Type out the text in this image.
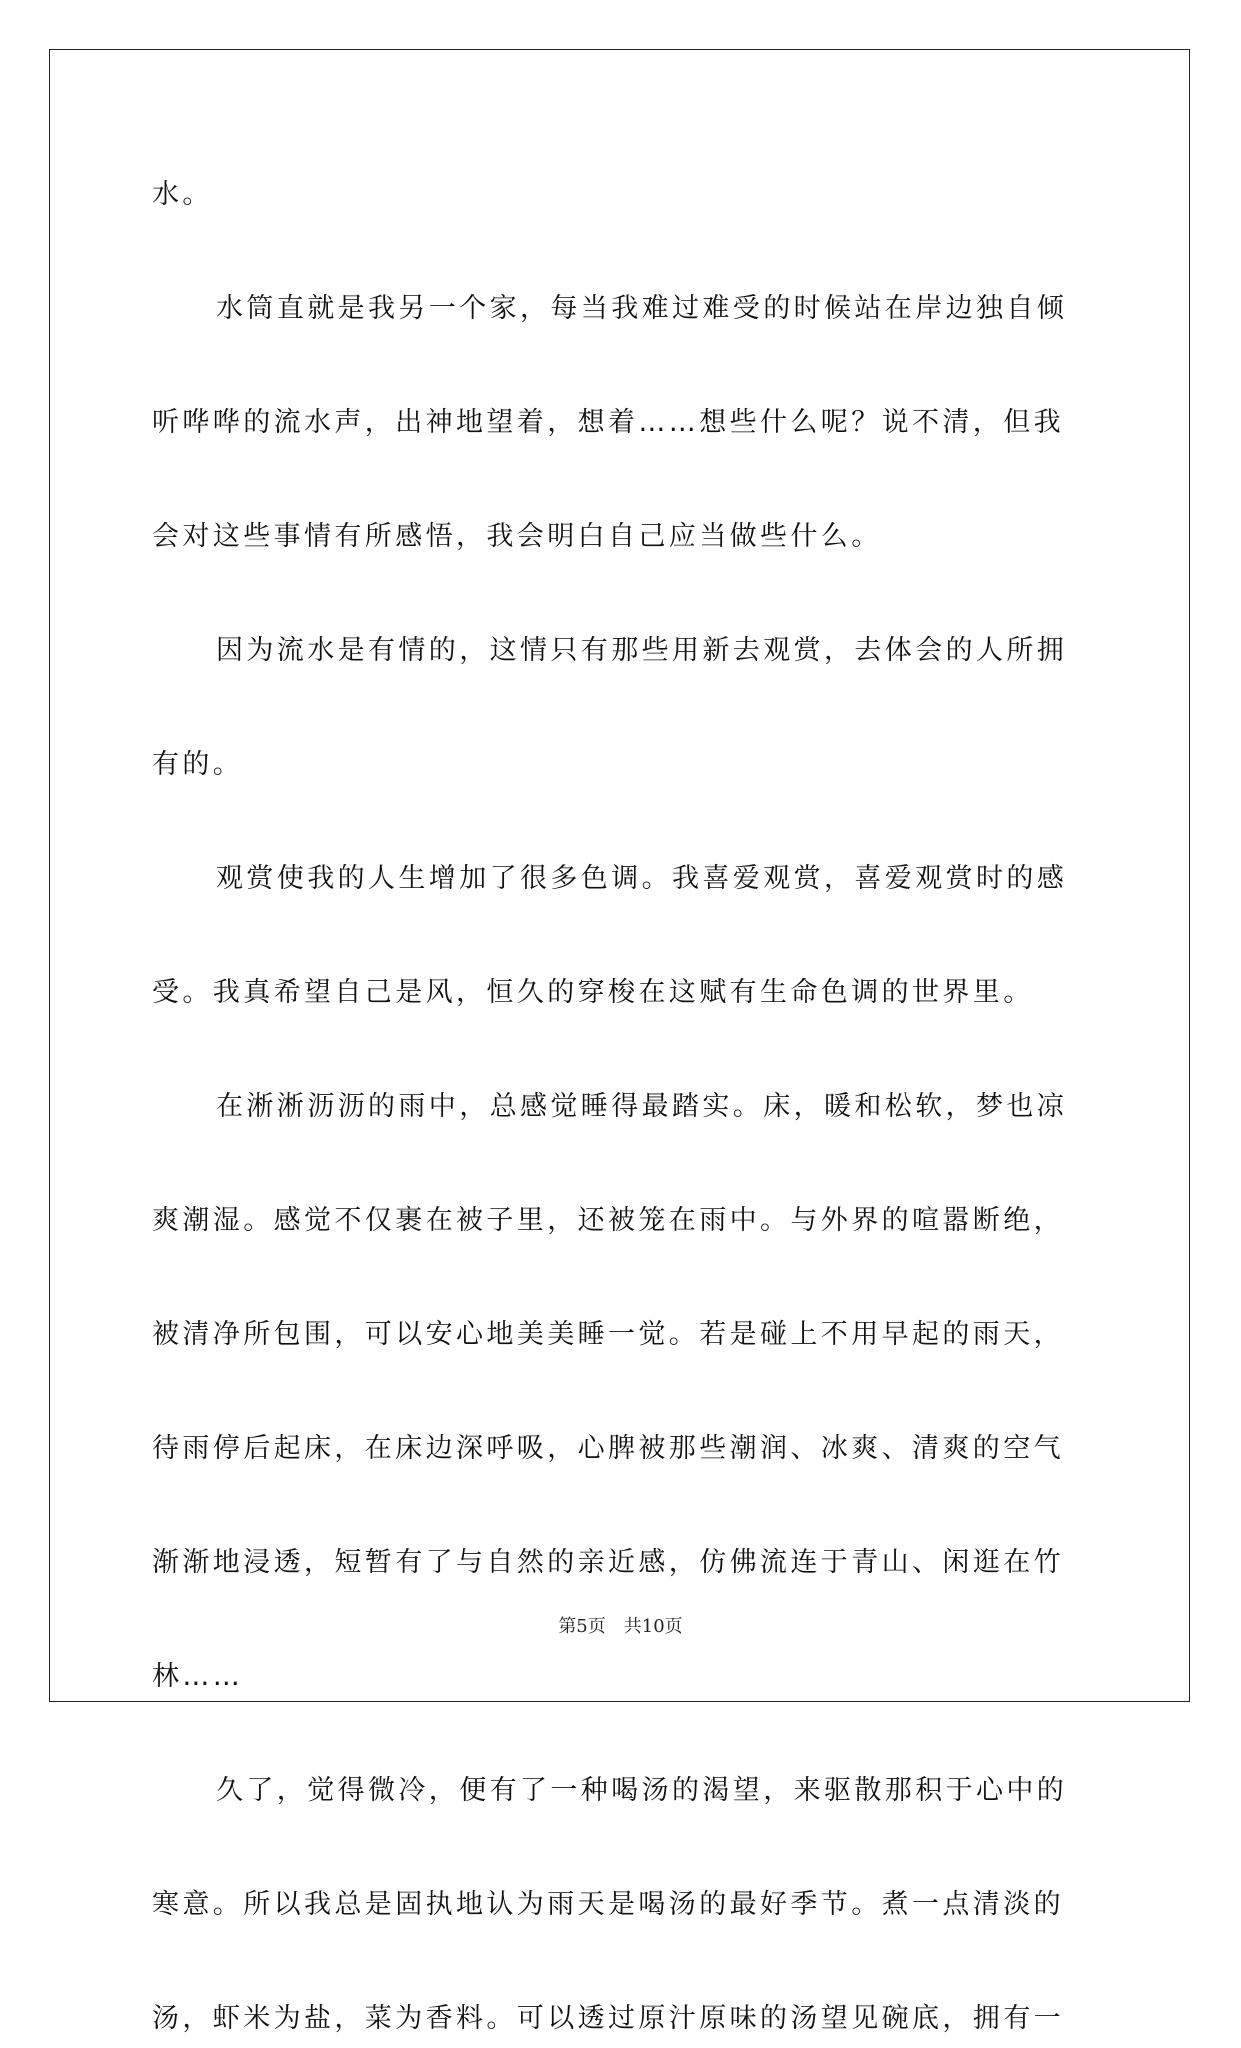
水。
水筒直就是我另一个家，每当我难过难受的时候站在岸边独自倾
听哗哗的流水声，出神地望着，想着……想些什么呢？说不清，但我
会对这些事情有所感悟，我会明白自己应当做些什么。
因为流水是有情的，这情只有那些用新去观赏，去体会的人所拥
有的。
观赏使我的人生增加了很多色调。我喜爱观赏，喜爱观赏时的感
受。我真希望自己是风，恒久的穿梭在这赋有生命色调的世界里。
在淅淅沥沥的雨中，总感觉睡得最踏实。床，暖和松软，梦也凉
爽潮湿。感觉不仅裹在被子里，还被笼在雨中。与外界的喧嚣断绝，
被清净所包围，可以安心地美美睡一觉。若是碰上不用早起的雨天，
待雨停后起床，在床边深呼吸，心脾被那些潮润、冰爽、清爽的空气
渐渐地浸透，短暂有了与自然的亲近感，仿佛流连于青山、闲逛在竹
林……
久了，觉得微冷，便有了一种喝汤的渴望，来驱散那积于心中的
寒意。所以我总是固执地认为雨天是喝汤的最好季节。煮一点清淡的
汤，虾米为盐，菜为香料。可以透过原汁原味的汤望见碗底，拥有一
第5页　共10页
